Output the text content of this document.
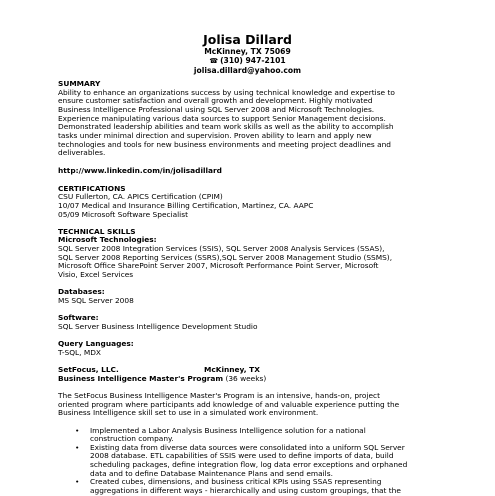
Jolisa Dillard
McKinney, TX 75069
☎ (310) 947-2101
jolisa.dillard@yahoo.com
SUMMARY
Ability to enhance an organizations success by using technical knowledge and expertise to
ensure customer satisfaction and overall growth and development. Highly motivated
Business Intelligence Professional using SQL Server 2008 and Microsoft Technologies.
Experience manipulating various data sources to support Senior Management decisions.
Demonstrated leadership abilities and team work skills as well as the ability to accomplish
tasks under minimal direction and supervision. Proven ability to learn and apply new
technologies and tools for new business environments and meeting project deadlines and
deliverables.
http://www.linkedin.com/in/jolisadillard
CERTIFICATIONS
CSU Fullerton, CA. APICS Certification (CPIM)
10/07 Medical and Insurance Billing Certification, Martinez, CA. AAPC
05/09 Microsoft Software Specialist
TECHNICAL SKILLS
Microsoft Technologies:
SQL Server 2008 Integration Services (SSIS), SQL Server 2008 Analysis Services (SSAS),
SQL Server 2008 Reporting Services (SSRS),SQL Server 2008 Management Studio (SSMS),
Microsoft Office SharePoint Server 2007, Microsoft Performance Point Server, Microsoft
Visio, Excel Services
Databases:
MS SQL Server 2008
Software:
SQL Server Business Intelligence Development Studio
Query Languages:
T-SQL, MDX
SetFocus, LLC.	McKinney, TX
Business Intelligence Master's Program (36 weeks)
The SetFocus Business Intelligence Master's Program is an intensive, hands-on, project
oriented program where participants add knowledge of and valuable experience putting the
Business Intelligence skill set to use in a simulated work environment.
• Implemented a Labor Analysis Business Intelligence solution for a national
construction company.
• Existing data from diverse data sources were consolidated into a uniform SQL Server
2008 database. ETL capabilities of SSIS were used to define imports of data, build
scheduling packages, define integration flow, log data error exceptions and orphaned
data and to define Database Maintenance Plans and send emails.
• Created cubes, dimensions, and business critical KPIs using SSAS representing
aggregations in different ways - hierarchically and using custom groupings, that the
